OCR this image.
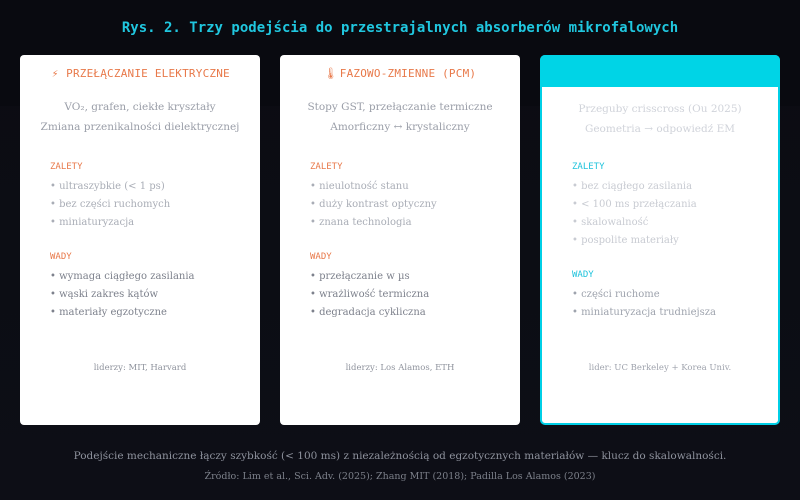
Rys. 2. Trzy podejścia do przestrajalnych absorberów mikrofalowych
⚡ PRZEŁĄCZANIE ELEKTRYCZNE
VO₂, grafen, ciekłe kryształy
Zmiana przenikalności dielektrycznej
ZALETY
• ultraszybkie (< 1 ps)
• bez części ruchomych
• miniaturyzacja
WADY
• wymaga ciągłego zasilania
• wąski zakres kątów
• materiały egzotyczne
liderzy: MIT, Harvard
🌡 FAZOWO-ZMIENNE (PCM)
Stopy GST, przełączanie termiczne
Amorficzny ↔ krystaliczny
ZALETY
• nieulotność stanu
• duży kontrast optyczny
• znana technologia
WADY
• przełączanie w µs
• wrażliwość termiczna
• degradacja cykliczna
liderzy: Los Alamos, ETH
Przeguby crisscross (Ou 2025)
Geometria → odpowiedź EM
ZALETY
• bez ciągłego zasilania
• < 100 ms przełączania
• skalowalność
• pospolite materiały
WADY
• części ruchome
• miniaturyzacja trudniejsza
lider: UC Berkeley + Korea Univ.
Podejście mechaniczne łączy szybkość (< 100 ms) z niezależnością od egzotycznych materiałów — klucz do skalowalności.
Źródło: Lim et al., Sci. Adv. (2025); Zhang MIT (2018); Padilla Los Alamos (2023)
